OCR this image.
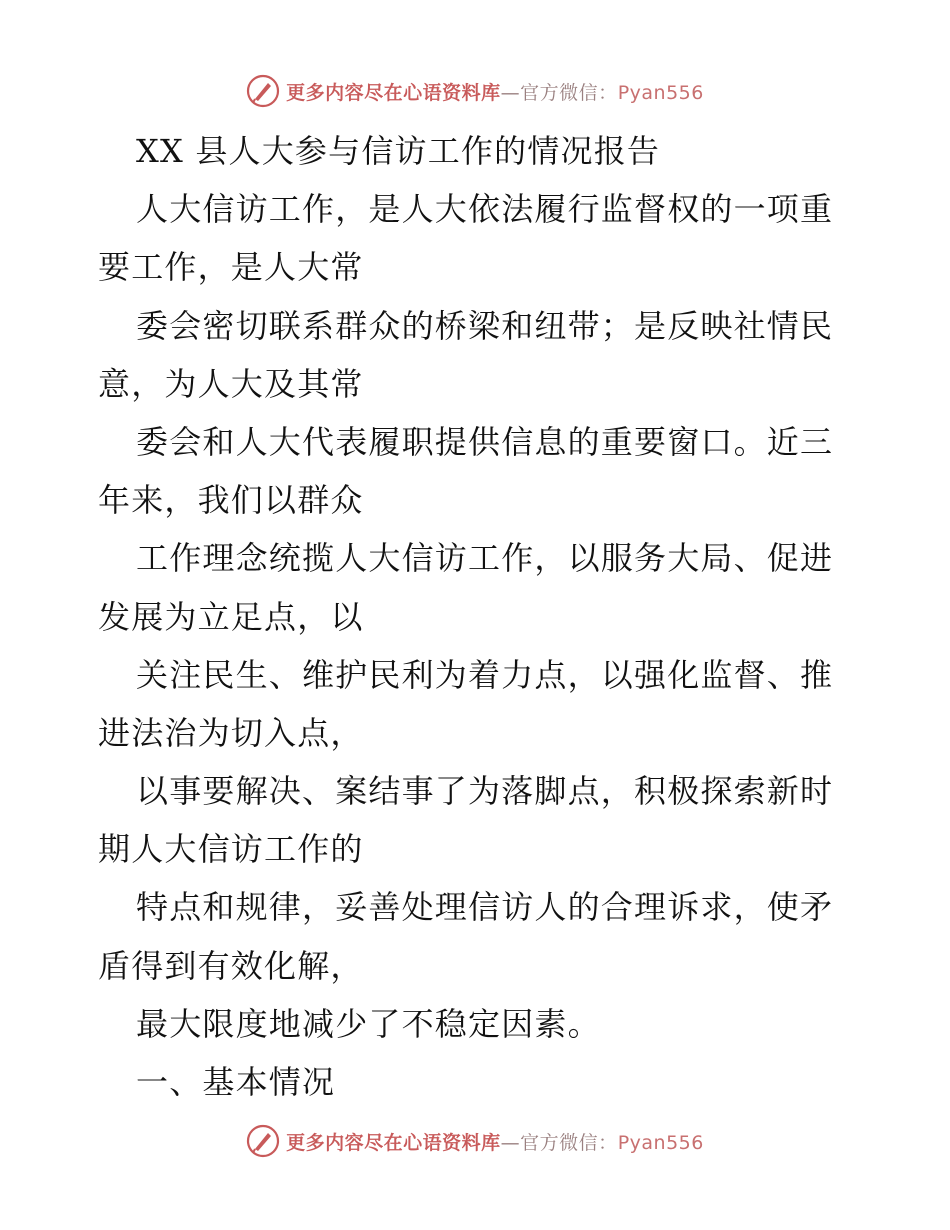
更多内容尽在心语资料库—官方微信：Pyan556
XX 县人大参与信访工作的情况报告
人大信访工作，是人大依法履行监督权的一项重
要工作，是人大常
委会密切联系群众的桥梁和纽带；是反映社情民
意，为人大及其常
委会和人大代表履职提供信息的重要窗口。近三
年来，我们以群众
工作理念统揽人大信访工作，以服务大局、促进
发展为立足点，以
关注民生、维护民利为着力点，以强化监督、推
进法治为切入点，
以事要解决、案结事了为落脚点，积极探索新时
期人大信访工作的
特点和规律，妥善处理信访人的合理诉求，使矛
盾得到有效化解，
最大限度地减少了不稳定因素。
一、基本情况
更多内容尽在心语资料库—官方微信：Pyan556
